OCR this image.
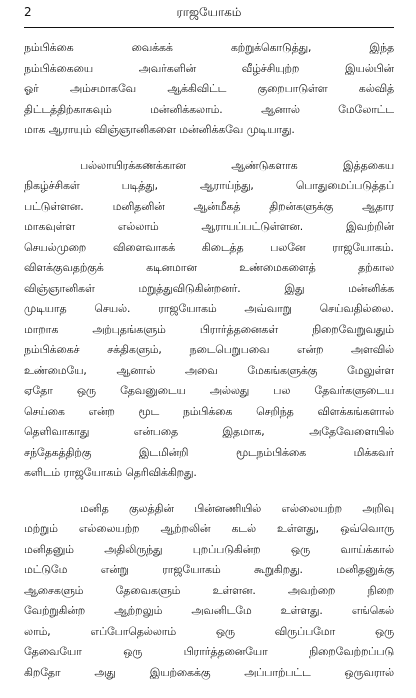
2	ராஜயோகம்
நம்பிக்கை வைக்கக் கற்றுக்கொடுத்து, இந்த
நம்பிக்கையை அவர்களின் வீழ்ச்சியுற்ற இயல்பின்
ஓர் அம்சமாகவே ஆக்கிவிட்ட குறைபாடுள்ள கல்வித்
திட்டத்திற்காகவும் மன்னிக்கலாம். ஆனால் மேலோட்ட
மாக ஆராயும் விஞ்ஞானிகளை மன்னிக்கவே முடியாது.
பல்லாயிரக்கணக்கான ஆண்டுகளாக இத்தகைய
நிகழ்ச்சிகள் படித்து, ஆராய்ந்து, பொதுமைப்படுத்தப்
பட்டுள்ளன. மனிதனின் ஆன்மீகத் திறன்களுக்கு ஆதார
மாகவுள்ள எல்லாம் ஆராயப்பட்டுள்ளன. இவற்றின்
செயல்முறை விளைவாகக் கிடைத்த பலனே ராஜயோகம்.
விளக்குவதற்குக் கடினமான உண்மைகளைத் தற்கால
விஞ்ஞானிகள் மறுத்துவிடுகின்றனர். இது மன்னிக்க
முடியாத செயல். ராஜயோகம் அவ்வாறு செய்வதில்லை.
மாறாக அற்புதங்களும் பிரார்த்தனைகள் நிறைவேறுவதும்
நம்பிக்கைச் சக்திகளும், நடைபெறுபவை என்ற அளவில்
உண்மையே, ஆனால் அவை மேகங்களுக்கு மேலுள்ள
ஏதோ ஒரு தேவனுடைய அல்லது பல தேவர்களுடைய
செய்கை என்ற மூட நம்பிக்கை செறிந்த விளக்கங்களால்
தெளிவாகாது என்பதை இதமாக, அதேவேளையில்
சந்தேகத்திற்கு இடமின்றி மூடநம்பிக்கை மிக்கவர்
களிடம் ராஜயோகம் தெரிவிக்கிறது.
மனித குலத்தின் பின்னணியில் எல்லையற்ற அறிவு
மற்றும் எல்லையற்ற ஆற்றலின் கடல் உள்ளது, ஒவ்வொரு
மனிதனும் அதிலிருந்து புறப்படுகின்ற ஒரு வாய்க்கால்
மட்டுமே என்று ராஜயோகம் கூறுகிறது. மனிதனுக்கு
ஆசைகளும் தேவைகளும் உள்ளன. அவற்றை நிறை
வேற்றுகின்ற ஆற்றலும் அவனிடமே உள்ளது. எங்கெல்
லாம், எப்போதெல்லாம் ஒரு விருப்பமோ ஒரு
தேவையோ ஒரு பிரார்த்தனையோ நிறைவேற்றப்படு
கிறதோ அது இயற்கைக்கு அப்பாற்பட்ட ஒருவரால்
